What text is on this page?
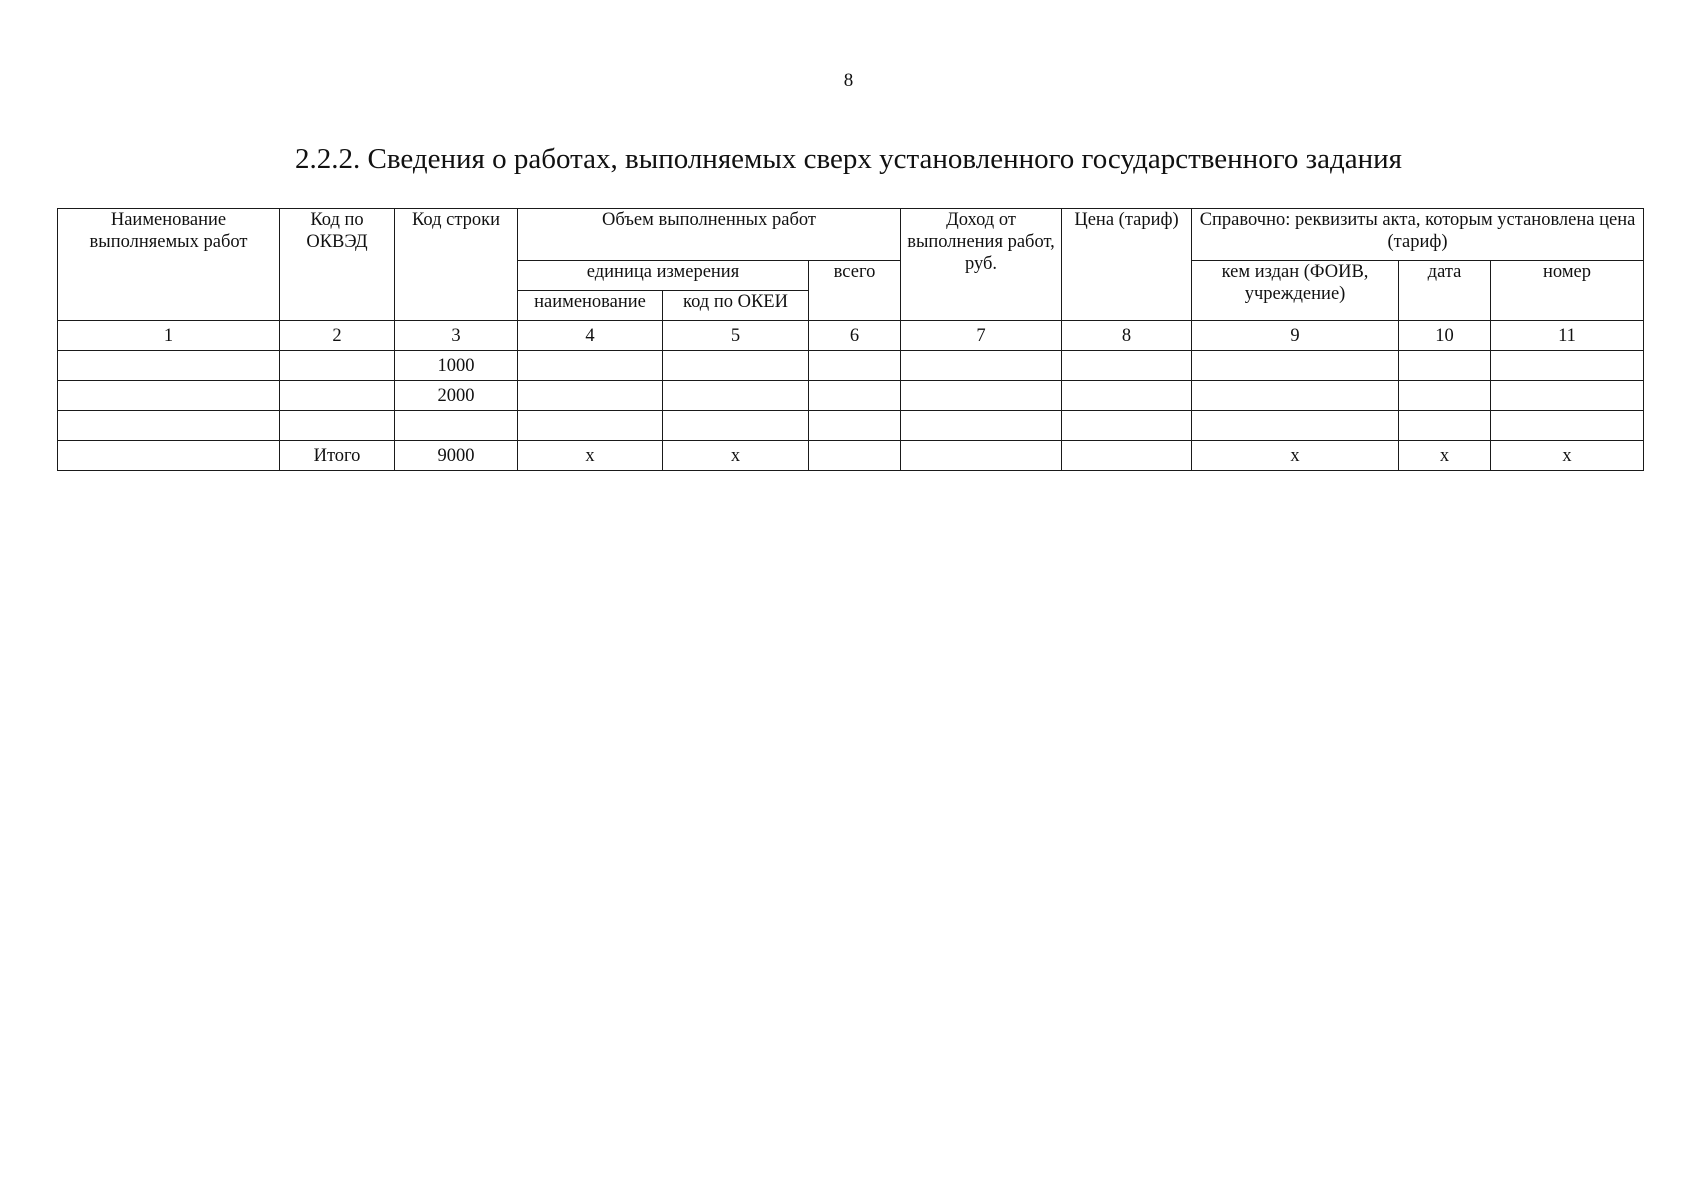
8
2.2.2. Сведения о работах, выполняемых сверх установленного государственного задания
Наименование выполняемых работ	Код по ОКВЭД	Код строки	Объем выполненных работ			Доход от выполнения работ, руб.	Цена (тариф)	Справочно: реквизиты акта, которым установлена цена (тариф)		
			единица измерения		всего			кем издан (ФОИВ, учреждение)	дата	номер
			наименование	код по ОКЕИ						
1	2	3	4	5	6	7	8	9	10	11
		1000								
		2000								

	Итого	9000	x	x				x	x	x
